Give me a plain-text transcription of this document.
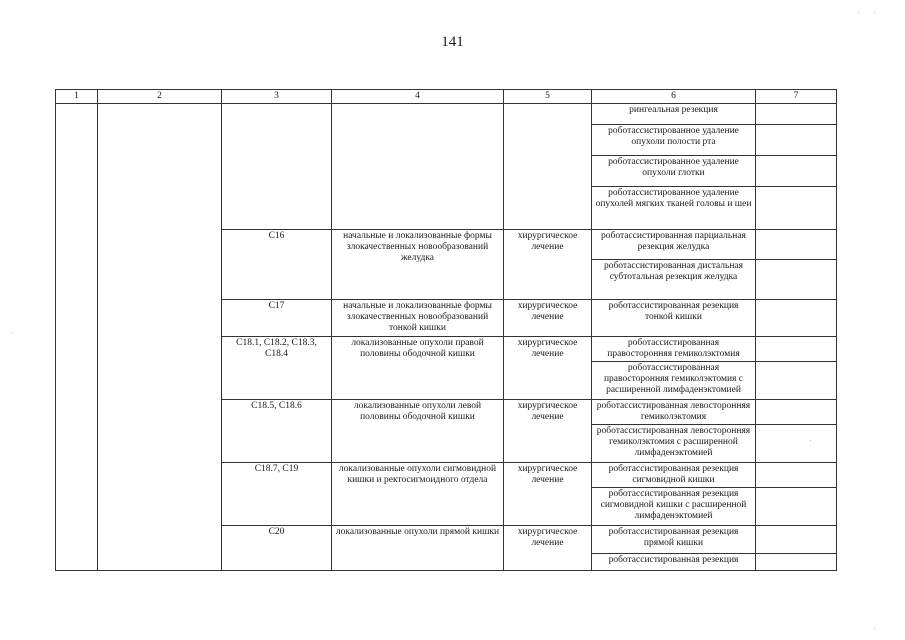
141
1	2	3	4	5	6	7
					рингеальная резекция	
					роботассистированное удаление опухоли полости рта	
					роботассистированное удаление опухоли глотки	
					роботассистированное удаление опухолей мягких тканей головы и шеи	
		C16	начальные и локализованные формы злокачественных новообразований желудка	хирургическое лечение	роботассистированная парциальная резекция желудка	
					роботассистированная дистальная субтотальная резекция желудка	
		C17	начальные и локализованные формы злокачественных новообразований тонкой кишки	хирургическое лечение	роботассистированная резекция тонкой кишки	
		C18.1, C18.2, C18.3, C18.4	локализованные опухоли правой половины ободочной кишки	хирургическое лечение	роботассистированная правосторонняя гемиколэктомия	
					роботассистированная правосторонняя гемиколэктомия с расширенной лимфаденэктомией	
		C18.5, C18.6	локализованные опухоли левой половины ободочной кишки	хирургическое лечение	роботассистированная левосторонняя гемиколэктомия	
					роботассистированная левосторонняя гемиколэктомия с расширенной лимфаденэктомией	
		C18.7, C19	локализованные опухоли сигмовидной кишки и ректосигмоидного отдела	хирургическое лечение	роботассистированная резекция сигмовидной кишки	
					роботассистированная резекция сигмовидной кишки с расширенной лимфаденэктомией	
		C20	локализованные опухоли прямой кишки	хирургическое лечение	роботассистированная резекция прямой кишки	
					роботассистированная резекция	
